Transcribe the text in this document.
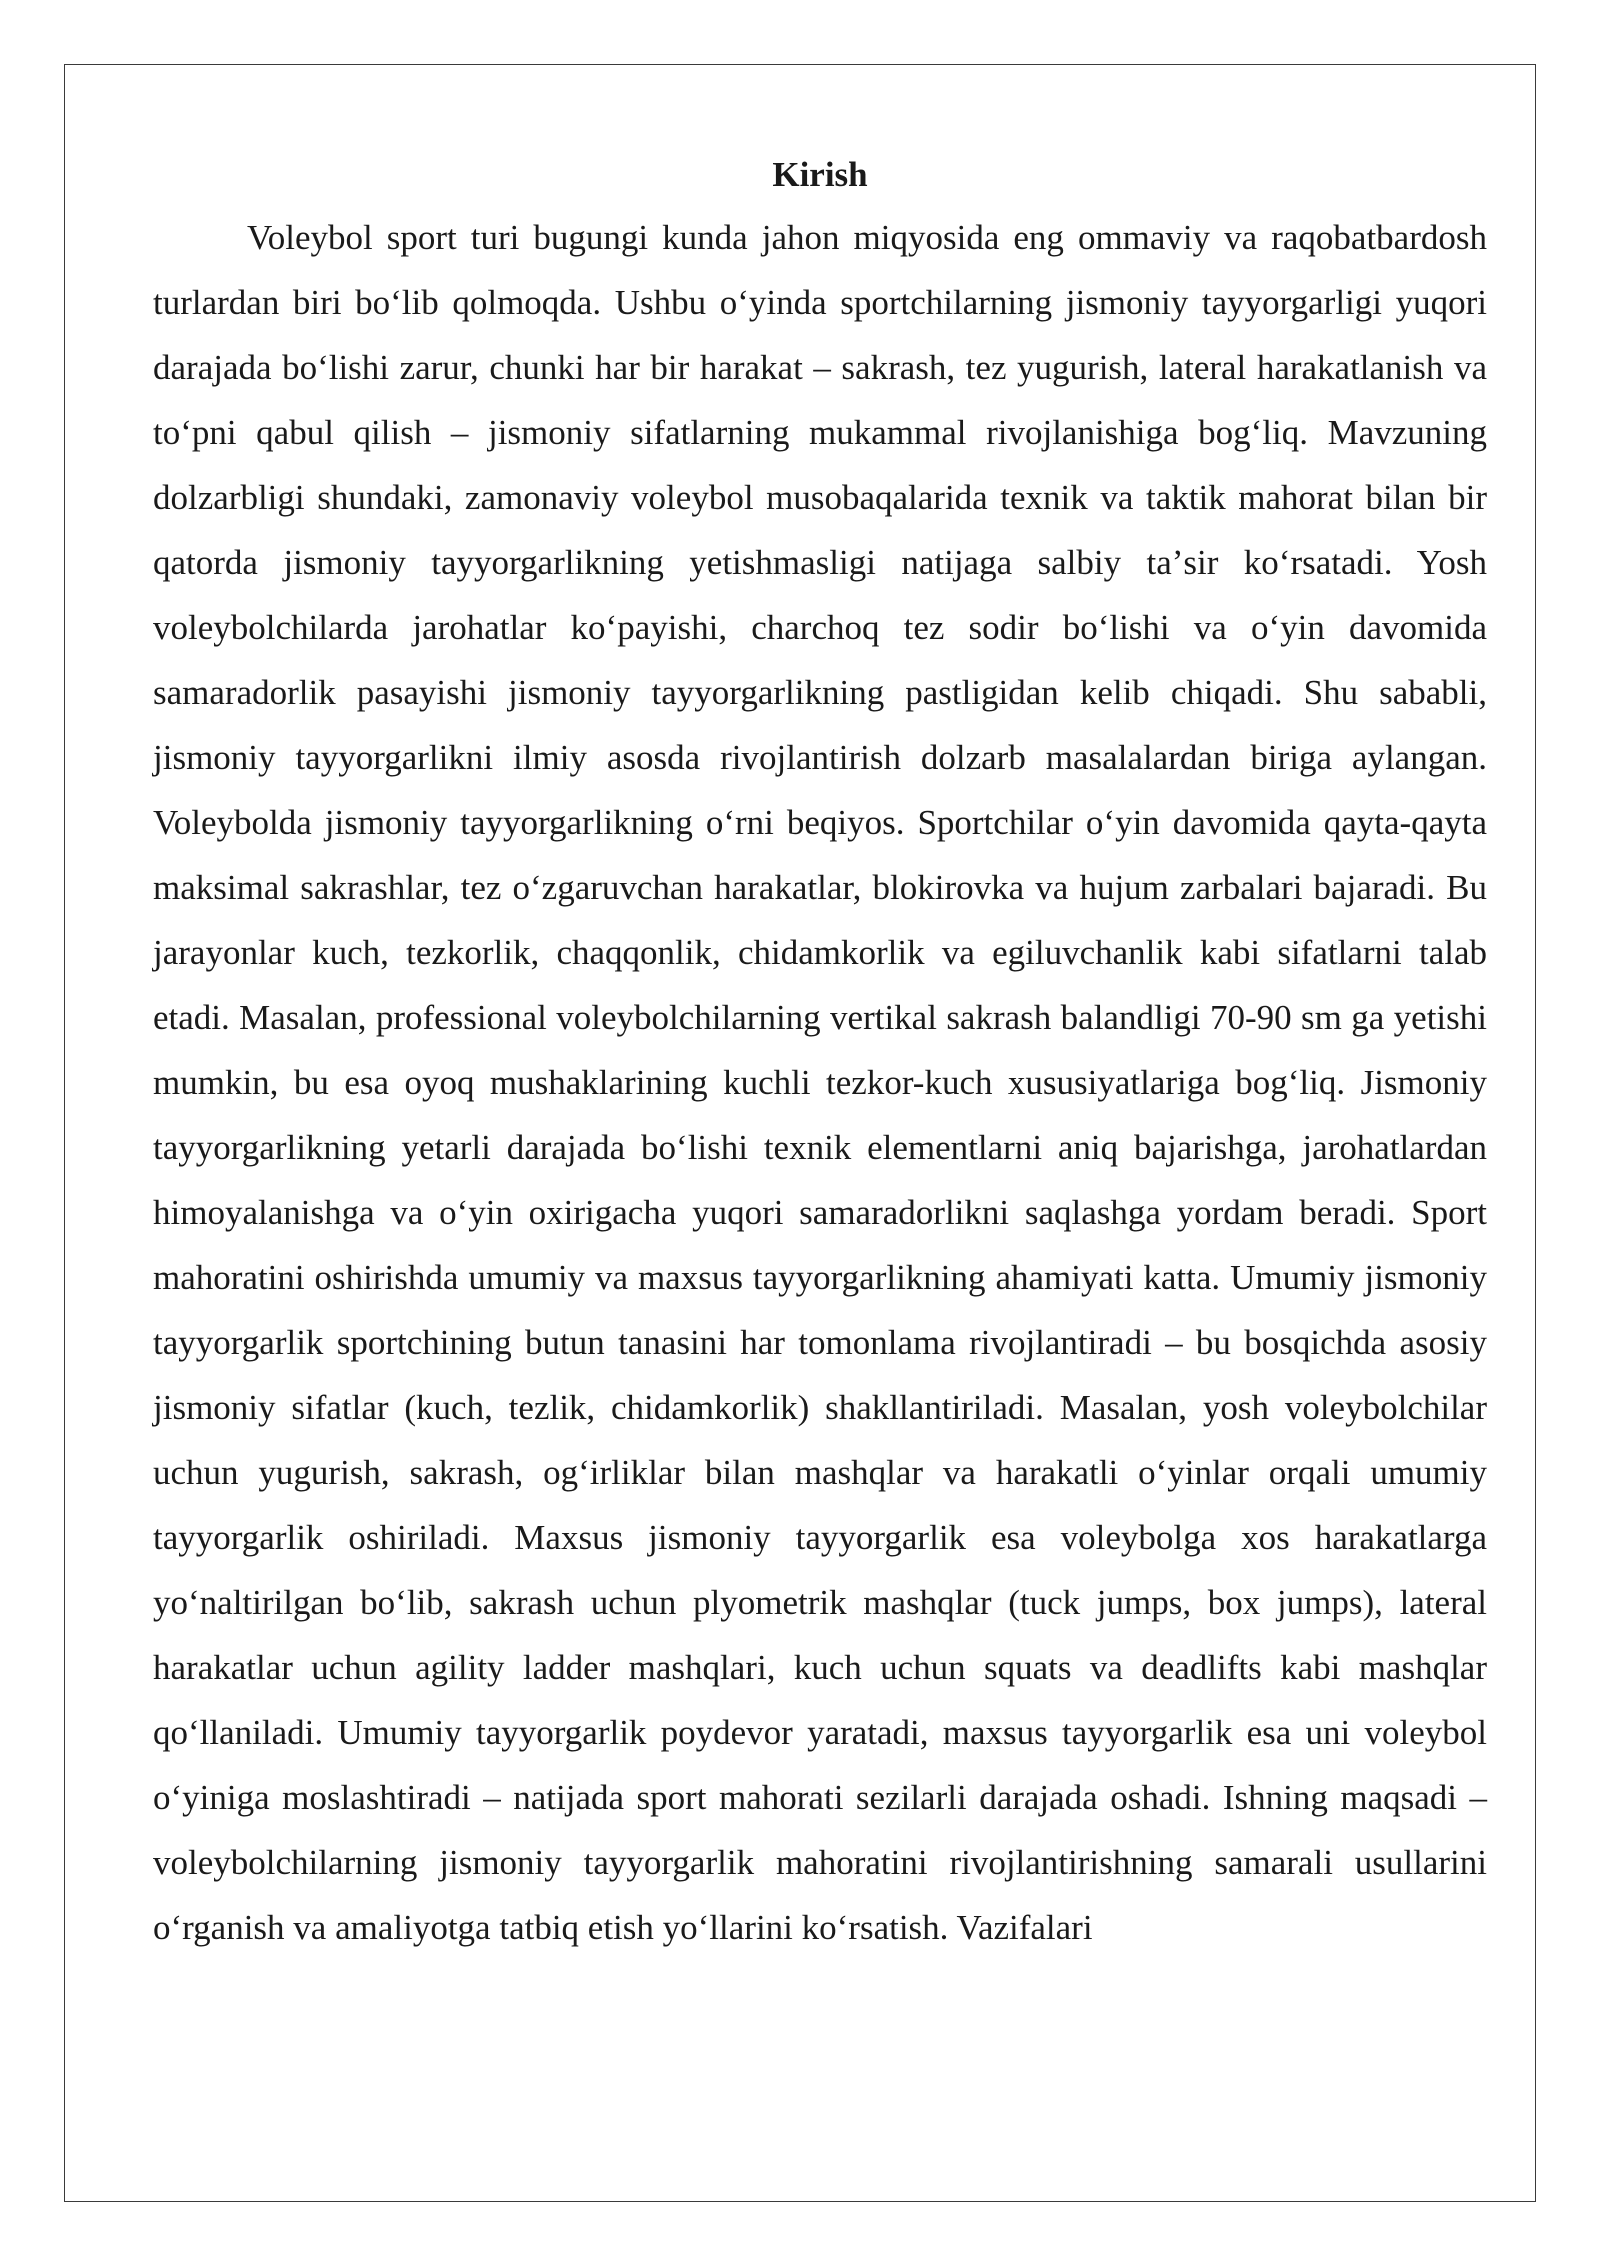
Kirish

Voleybol sport turi bugungi kunda jahon miqyosida eng ommaviy va raqobatbardosh turlardan biri boʻlib qolmoqda. Ushbu oʻyinda sportchilarning jismoniy tayyorgarligi yuqori darajada boʻlishi zarur, chunki har bir harakat – sakrash, tez yugurish, lateral harakatlanish va toʻpni qabul qilish – jismoniy sifatlarning mukammal rivojlanishiga bogʻliq. Mavzuning dolzarbligi shundaki, zamonaviy voleybol musobaqalarida texnik va taktik mahorat bilan bir qatorda jismoniy tayyorgarlikning yetishmasligi natijaga salbiy taʼsir koʻrsatadi. Yosh voleybolchilarda jarohatlar koʻpayishi, charchoq tez sodir boʻlishi va oʻyin davomida samaradorlik pasayishi jismoniy tayyorgarlikning pastligidan kelib chiqadi. Shu sababli, jismoniy tayyorgarlikni ilmiy asosda rivojlantirish dolzarb masalalardan biriga aylangan. Voleybolda jismoniy tayyorgarlikning oʻrni beqiyos. Sportchilar oʻyin davomida qayta-qayta maksimal sakrashlar, tez oʻzgaruvchan harakatlar, blokirovka va hujum zarbalari bajaradi. Bu jarayonlar kuch, tezkorlik, chaqqonlik, chidamkorlik va egiluvchanlik kabi sifatlarni talab etadi. Masalan, professional voleybolchilarning vertikal sakrash balandligi 70-90 sm ga yetishi mumkin, bu esa oyoq mushaklarining kuchli tezkor-kuch xususiyatlariga bogʻliq. Jismoniy tayyorgarlikning yetarli darajada boʻlishi texnik elementlarni aniq bajarishga, jarohatlardan himoyalanishga va oʻyin oxirigacha yuqori samaradorlikni saqlashga yordam beradi. Sport mahoratini oshirishda umumiy va maxsus tayyorgarlikning ahamiyati katta. Umumiy jismoniy tayyorgarlik sportchining butun tanasini har tomonlama rivojlantiradi – bu bosqichda asosiy jismoniy sifatlar (kuch, tezlik, chidamkorlik) shakllantiriladi. Masalan, yosh voleybolchilar uchun yugurish, sakrash, ogʻirliklar bilan mashqlar va harakatli oʻyinlar orqali umumiy tayyorgarlik oshiriladi. Maxsus jismoniy tayyorgarlik esa voleybolga xos harakatlarga yoʻnaltirilgan boʻlib, sakrash uchun plyometrik mashqlar (tuck jumps, box jumps), lateral harakatlar uchun agility ladder mashqlari, kuch uchun squats va deadlifts kabi mashqlar qoʻllaniladi. Umumiy tayyorgarlik poydevor yaratadi, maxsus tayyorgarlik esa uni voleybol oʻyiniga moslashtiradi – natijada sport mahorati sezilarli darajada oshadi. Ishning maqsadi – voleybolchilarning jismoniy tayyorgarlik mahoratini rivojlantirishning samarali usullarini oʻrganish va amaliyotga tatbiq etish yoʻllarini koʻrsatish. Vazifalari
